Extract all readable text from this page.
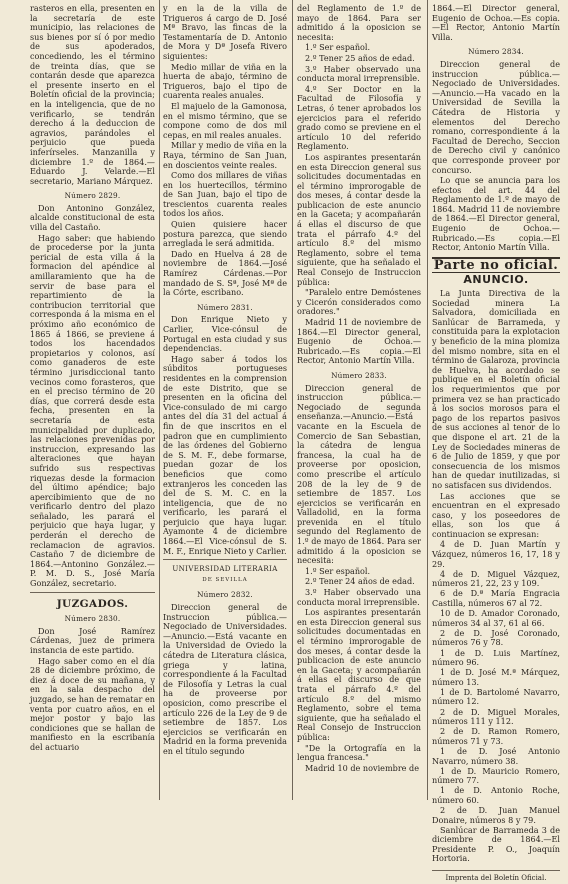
rasteros en ella, presenten en la secretaría de este municipio, las relaciones de sus bienes por sí ó por medio de sus apoderados, concediendo, les el término de treinta días, que se contarán desde que aparezca el presente inserto en el Boletín oficial de la provincia; en la inteligencia, que de no verificarlo, se tendrán derecho á la deduccion de agravios, parándoles el perjuicio que pueda inferírseles. Manzanilla y diciembre 1.º de 1864.—Eduardo J. Velarde.—El secretario, Mariano Márquez.

Número 2829.

Don Antonino González, alcalde constitucional de esta villa del Castaño.

Hago saber: que habiendo de procederse por la junta pericial de esta villa á la formacion del apéndice al amillaramiento que ha de servir de base para el repartimiento de la contribucion territorial que corresponda á la misma en el próximo año económico de 1865 á 1866, se previene á todos los hacendados propietarios y colonos, así como ganaderos de este término jurisdiccional tanto vecinos como forasteros, que en el preciso término de 20 días, que correrá desde esta fecha, presenten en la secretaría de esta municipalidad por duplicado, las relaciones prevenidas por instruccion, expresando las alteraciones que hayan sufrido sus respectivas riquezas desde la formacion del último apéndice; bajo apercibimiento que de no verificarlo dentro del plazo señalado, les parará el perjuicio que haya lugar, y perderán el derecho de reclamacion de agravios. Castaño 7 de diciembre de 1864.—Antonino González.—P. M. D. S., José María González, secretario.

JUZGADOS.

Número 2830.

Don José Ramírez Cárdenas, juez de primera instancia de este partido.

Hago saber como en el día 28 de diciembre próximo, de diez á doce de su mañana, y en la sala despacho del juzgado, se han de rematar en venta por cuatro años, en el mejor postor y bajo las condiciones que se hallan de manifiesto en la escribanía del actuario

y en la de la villa de Trigueros á cargo de D. José Mª Bravo, las fincas de la Testamentaría de D. Antonio de Mora y Dª Josefa Rivero siguientes:

Medio millar de viña en la huerta de abajo, término de Trigueros, bajo el tipo de cuarenta reales anuales.

El majuelo de la Gamonosa, en el mismo término, que se compone como de dos mil cepas, en mil reales anuales.

Millar y medio de viña en la Raya, término de San Juan, en doscientos veinte reales.

Como dos millares de viñas en los huertecillos, término de San Juan, bajo el tipo de trescientos cuarenta reales todos los años.

Quien quisiere hacer postura parezca, que siendo arreglada le será admitida.

Dado en Huelva á 28 de noviembre de 1864.—José Ramírez Cárdenas.—Por mandado de S. Sª, José Mª de la Córte, escribano.

Número 2831.

Don Enrique Nieto y Carlier, Vice-cónsul de Portugal en esta ciudad y sus dependencias.

Hago saber á todos los súbditos portugueses residentes en la comprension de este Distrito, que se presenten en la oficina del Vice-consulado de mi cargo antes del día 31 del actual á fin de que inscritos en el padron que en cumplimiento de las órdenes del Gobierno de S. M. F., debe formarse, puedan gozar de los beneficios que como extranjeros les conceden las del de S. M. C. en la inteligencia, que de no verificarlo, les parará el perjuicio que haya lugar. Ayamonte 4 de diciembre 1864.—El Vice-cónsul de S. M. F., Enrique Nieto y Carlier.

UNIVERSIDAD LITERARIA

DE SEVILLA

Número 2832.

Direccion general de Instruccion pública.—Negociado de Universidades.—Anuncio.—Está vacante en la Universidad de Oviedo la cátedra de Literatura clásica, griega y latina, correspondiente á la Facultad de Filosofía y Letras la cual ha de proveerse por oposicion, como prescribe el artículo 226 de la Ley de 9 de setiembre de 1857. Los ejercicios se verificarán en Madrid en la forma prevenida en el título segundo

del Reglamento de 1.º de mayo de 1864. Para ser admitido á la oposicion se necesita:

1.º Ser español.

2.º Tener 25 años de edad.

3.º Haber observado una conducta moral irreprensible.

4.º Ser Doctor en la Facultad de Filosofía y Letras, ó tener aprobados los ejercicios para el referido grado como se previene en el artículo 10 del referido Reglamento.

Los aspirantes presentarán en esta Direccion general sus solicitudes documentadas en el término improrogable de dos meses, á contar desde la publicacion de este anuncio en la Gaceta; y acompañarán á ellas el discurso de que trata el párrafo 4.º del artículo 8.º del mismo Reglamento, sobre el tema siguiente, que ha señalado el Real Consejo de Instruccion pública:

"Paralelo entre Demóstenes y Cicerón considerados como oradores."

Madrid 11 de noviembre de 1864.—El Director general, Eugenio de Ochoa.—Rubricado.—Es copia.—El Rector, Antonio Martín Villa.

Número 2833.

Direccion general de instruccion pública.—Negociado de segunda enseñanza.—Anuncio.—Está vacante en la Escuela de Comercio de San Sebastian, la cátedra de lengua francesa, la cual ha de proveerse por oposicion, como prescribe el artículo 208 de la ley de 9 de setiembre de 1857. Los ejercicios se verificarán en Valladolid, en la forma prevenida en el título segundo del Reglamento de 1.º de mayo de 1864. Para ser admitido á la oposicion se necesita:

1.º Ser español.

2.º Tener 24 años de edad.

3.º Haber observado una conducta moral irreprensible.

Los aspirantes presentarán en esta Direccion general sus solicitudes documentadas en el término improrogable de dos meses, á contar desde la publicacion de este anuncio en la Gaceta; y acompañarán á ellas el discurso de que trata el párrafo 4.º del artículo 8.º del mismo Reglamento, sobre el tema siguiente, que ha señalado el Real Consejo de Instruccion pública:

"De la Ortografía en la lengua francesa."

Madrid 10 de noviembre de

1864.—El Director general, Eugenio de Ochoa.—Es copia.—El Rector, Antonio Martín Villa.

Número 2834.

Direccion general de instruccion pública.—Negociado de Universidades.—Anuncio.—Ha vacado en la Universidad de Sevilla la Cátedra de Historia y elementos del Derecho romano, correspondiente á la Facultad de Derecho, Seccion de Derecho civil y canónico que corresponde proveer por concurso.

Lo que se anuncia para los efectos del art. 44 del Reglamento de 1.º de mayo de 1864. Madrid 11 de noviembre de 1864.—El Director general, Eugenio de Ochoa.—Rubricado.—Es copia.—El Rector, Antonio Martín Villa.

Parte no oficial.

ANUNCIO.

La Junta Directiva de la Sociedad minera La Salvadora, domiciliada en Sanlúcar de Barrameda, y constituida para la explotacion y beneficio de la mina plomiza del mismo nombre, sita en el término de Galaroza, provincia de Huelva, ha acordado se publique en el Boletín oficial los requerimientos que por primera vez se han practicado á los socios morosos para el pago de los repartos pasivos de sus acciones al tenor de lo que dispone el art. 21 de la Ley de Sociedades mineras de 6 de Julio de 1859, y que por consecuencia de los mismos han de quedar inutilizadas, si no satisfacen sus dividendos.

Las acciones que se encuentran en el expresado caso, y los poseedores de ellas, son los que á continuacion se expresan:

4 de D. Juan Martín y Vázquez, números 16, 17, 18 y 29.

4 de D. Miguel Vázquez, números 21, 22, 23 y 109.

6 de D.ª María Engracia Castilla, números 67 al 72.

10 de D. Amador Coronado, números 34 al 37, 61 al 66.

2 de D. José Coronado, números 76 y 78.

1 de D. Luis Martínez, número 96.

1 de D. José M.ª Márquez, número 13.

1 de D. Bartolomé Navarro, número 12.

2 de D. Miguel Morales, números 111 y 112.

2 de D. Ramon Romero, números 71 y 73.

1 de D. José Antonio Navarro, número 38.

1 de D. Mauricio Romero, número 77.

1 de D. Antonio Roche, número 60.

2 de D. Juan Manuel Donaire, números 8 y 79.

Sanlúcar de Barrameda 3 de diciembre de 1864.—El Presidente P. O., Joaquín Hortoria.

Imprenta del Boletín Oficial.
